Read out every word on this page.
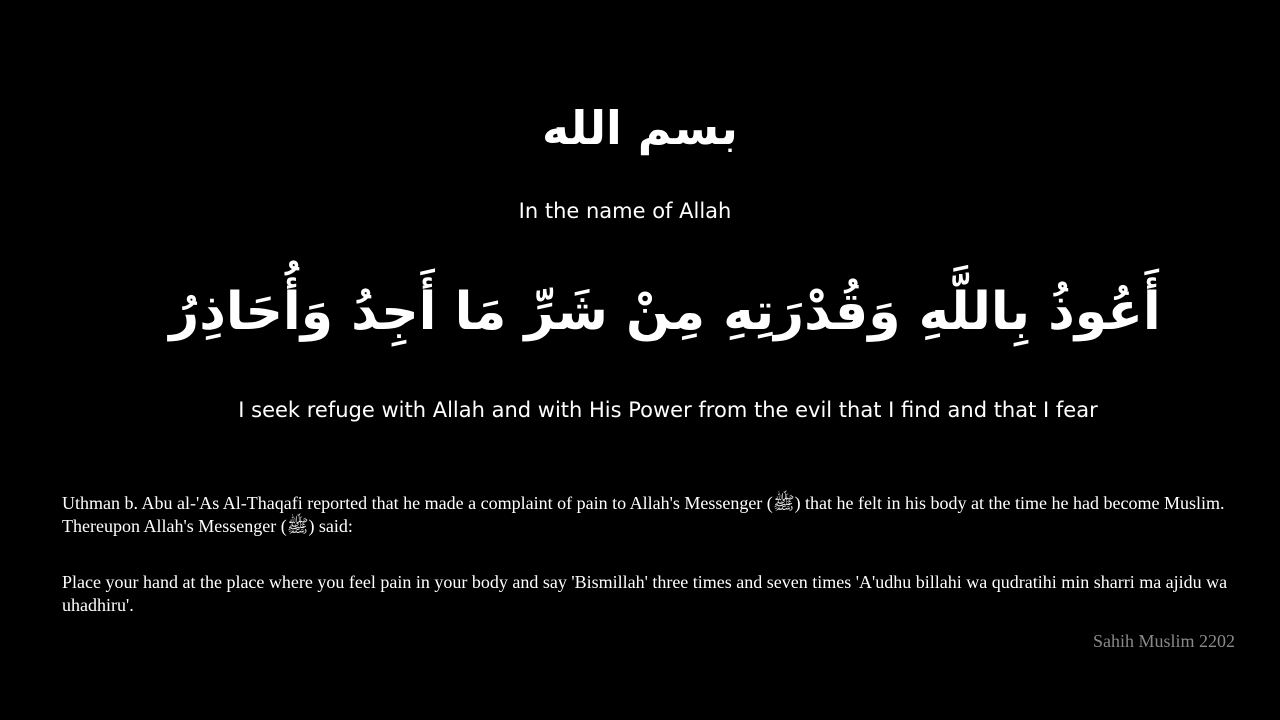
بسم الله
In the name of Allah
أَعُوذُ بِاللَّهِ وَقُدْرَتِهِ مِنْ شَرِّ مَا أَجِدُ وَأُحَاذِرُ
I seek refuge with Allah and with His Power from the evil that I find and that I fear

Uthman b. Abu al-'As Al-Thaqafi reported that he made a complaint of pain to Allah's Messenger (ﷺ) that he felt in his body at the time he had become Muslim. Thereupon Allah's Messenger (ﷺ) said:

Place your hand at the place where you feel pain in your body and say 'Bismillah' three times and seven times 'A'udhu billahi wa qudratihi min sharri ma ajidu wa uhadhiru'.

Sahih Muslim 2202
